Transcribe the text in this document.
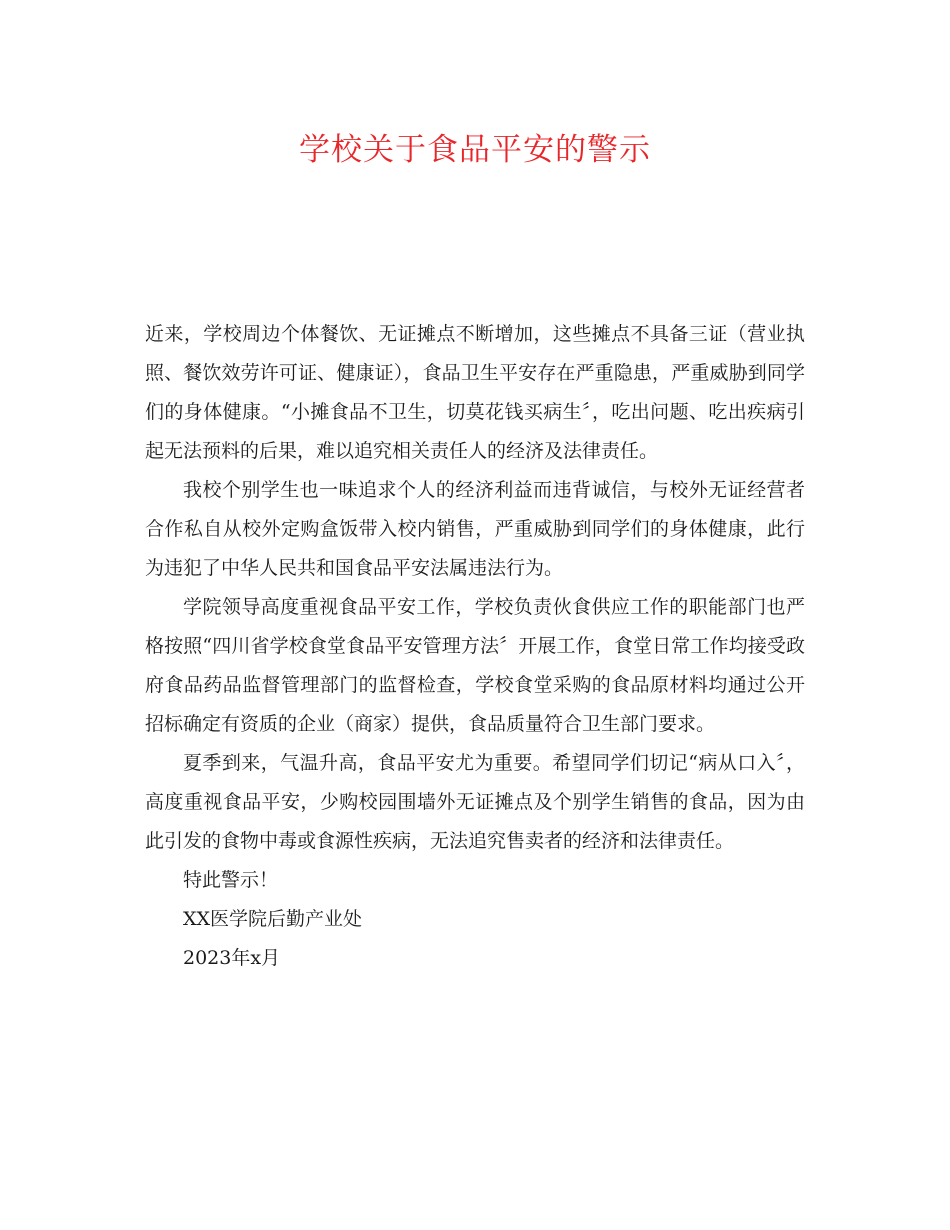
学校关于食品平安的警示

近来，学校周边个体餐饮、无证摊点不断增加，这些摊点不具备三证（营业执照、餐饮效劳许可证、健康证），食品卫生平安存在严重隐患，严重威胁到同学们的身体健康。“小摊食品不卫生，切莫花钱买病生〞，吃出问题、吃出疾病引起无法预料的后果，难以追究相关责任人的经济及法律责任。

我校个别学生也一味追求个人的经济利益而违背诚信，与校外无证经营者合作私自从校外定购盒饭带入校内销售，严重威胁到同学们的身体健康，此行为违犯了中华人民共和国食品平安法属违法行为。

学院领导高度重视食品平安工作，学校负责伙食供应工作的职能部门也严格按照“四川省学校食堂食品平安管理方法〞开展工作，食堂日常工作均接受政府食品药品监督管理部门的监督检查，学校食堂采购的食品原材料均通过公开招标确定有资质的企业（商家）提供，食品质量符合卫生部门要求。

夏季到来，气温升高，食品平安尤为重要。希望同学们切记“病从口入〞，高度重视食品平安，少购校园围墙外无证摊点及个别学生销售的食品，因为由此引发的食物中毒或食源性疾病，无法追究售卖者的经济和法律责任。

特此警示！

XX医学院后勤产业处

2023年x月
